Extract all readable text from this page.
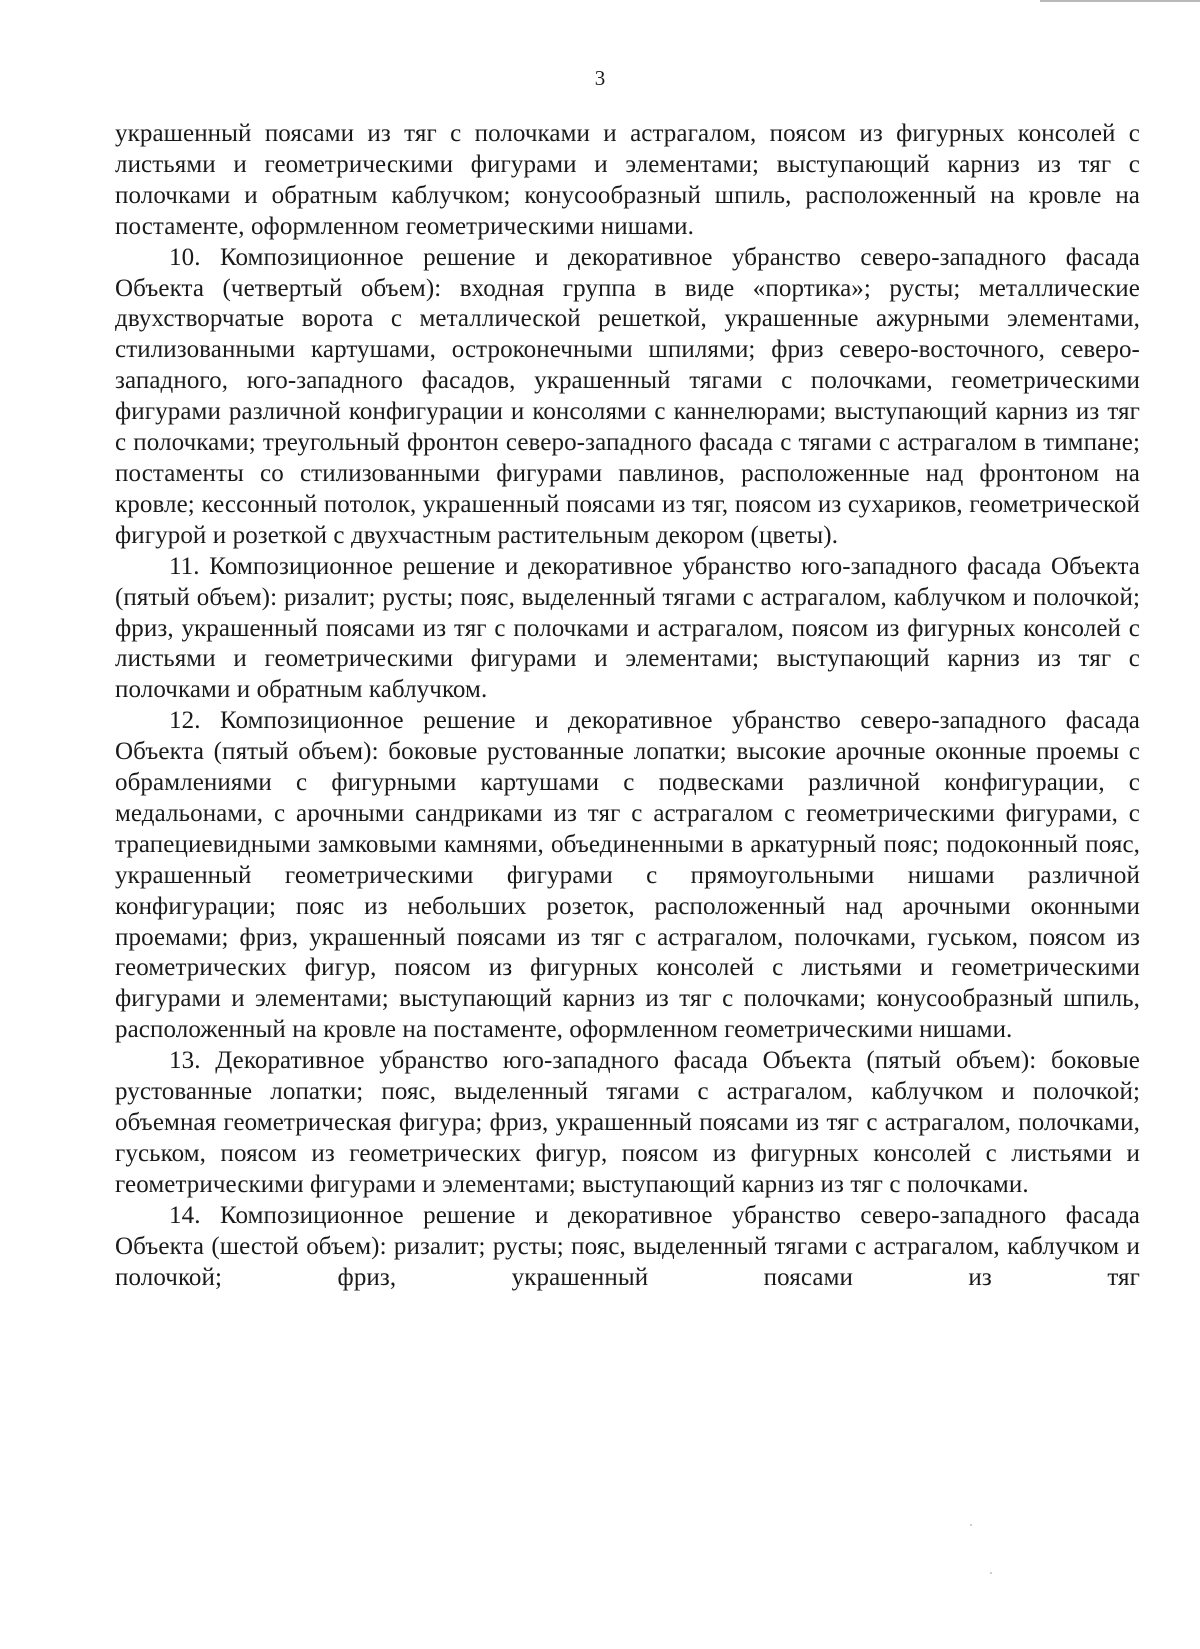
3

украшенный поясами из тяг с полочками и астрагалом, поясом из фигурных консолей с листьями и геометрическими фигурами и элементами; выступающий карниз из тяг с полочками и обратным каблучком; конусообразный шпиль, расположенный на кровле на постаменте, оформленном геометрическими нишами.

10. Композиционное решение и декоративное убранство северо-западного фасада Объекта (четвертый объем): входная группа в виде «портика»; русты; металлические двухстворчатые ворота с металлической решеткой, украшенные ажурными элементами, стилизованными картушами, остроконечными шпилями; фриз северо-восточного, северо-западного, юго-западного фасадов, украшенный тягами с полочками, геометрическими фигурами различной конфигурации и консолями с каннелюрами; выступающий карниз из тяг с полочками; треугольный фронтон северо-западного фасада с тягами с астрагалом в тимпане; постаменты со стилизованными фигурами павлинов, расположенные над фронтоном на кровле; кессонный потолок, украшенный поясами из тяг, поясом из сухариков, геометрической фигурой и розеткой с двухчастным растительным декором (цветы).

11. Композиционное решение и декоративное убранство юго-западного фасада Объекта (пятый объем): ризалит; русты; пояс, выделенный тягами с астрагалом, каблучком и полочкой; фриз, украшенный поясами из тяг с полочками и астрагалом, поясом из фигурных консолей с листьями и геометрическими фигурами и элементами; выступающий карниз из тяг с полочками и обратным каблучком.

12. Композиционное решение и декоративное убранство северо-западного фасада Объекта (пятый объем): боковые рустованные лопатки; высокие арочные оконные проемы с обрамлениями с фигурными картушами с подвесками различной конфигурации, с медальонами, с арочными сандриками из тяг с астрагалом с геометрическими фигурами, с трапециевидными замковыми камнями, объединенными в аркатурный пояс; подоконный пояс, украшенный геометрическими фигурами с прямоугольными нишами различной конфигурации; пояс из небольших розеток, расположенный над арочными оконными проемами; фриз, украшенный поясами из тяг с астрагалом, полочками, гуськом, поясом из геометрических фигур, поясом из фигурных консолей с листьями и геометрическими фигурами и элементами; выступающий карниз из тяг с полочками; конусообразный шпиль, расположенный на кровле на постаменте, оформленном геометрическими нишами.

13. Декоративное убранство юго-западного фасада Объекта (пятый объем): боковые рустованные лопатки; пояс, выделенный тягами с астрагалом, каблучком и полочкой; объемная геометрическая фигура; фриз, украшенный поясами из тяг с астрагалом, полочками, гуськом, поясом из геометрических фигур, поясом из фигурных консолей с листьями и геометрическими фигурами и элементами; выступающий карниз из тяг с полочками.

14. Композиционное решение и декоративное убранство северо-западного фасада Объекта (шестой объем): ризалит; русты; пояс, выделенный тягами с астрагалом, каблучком и полочкой; фриз, украшенный поясами из тяг
